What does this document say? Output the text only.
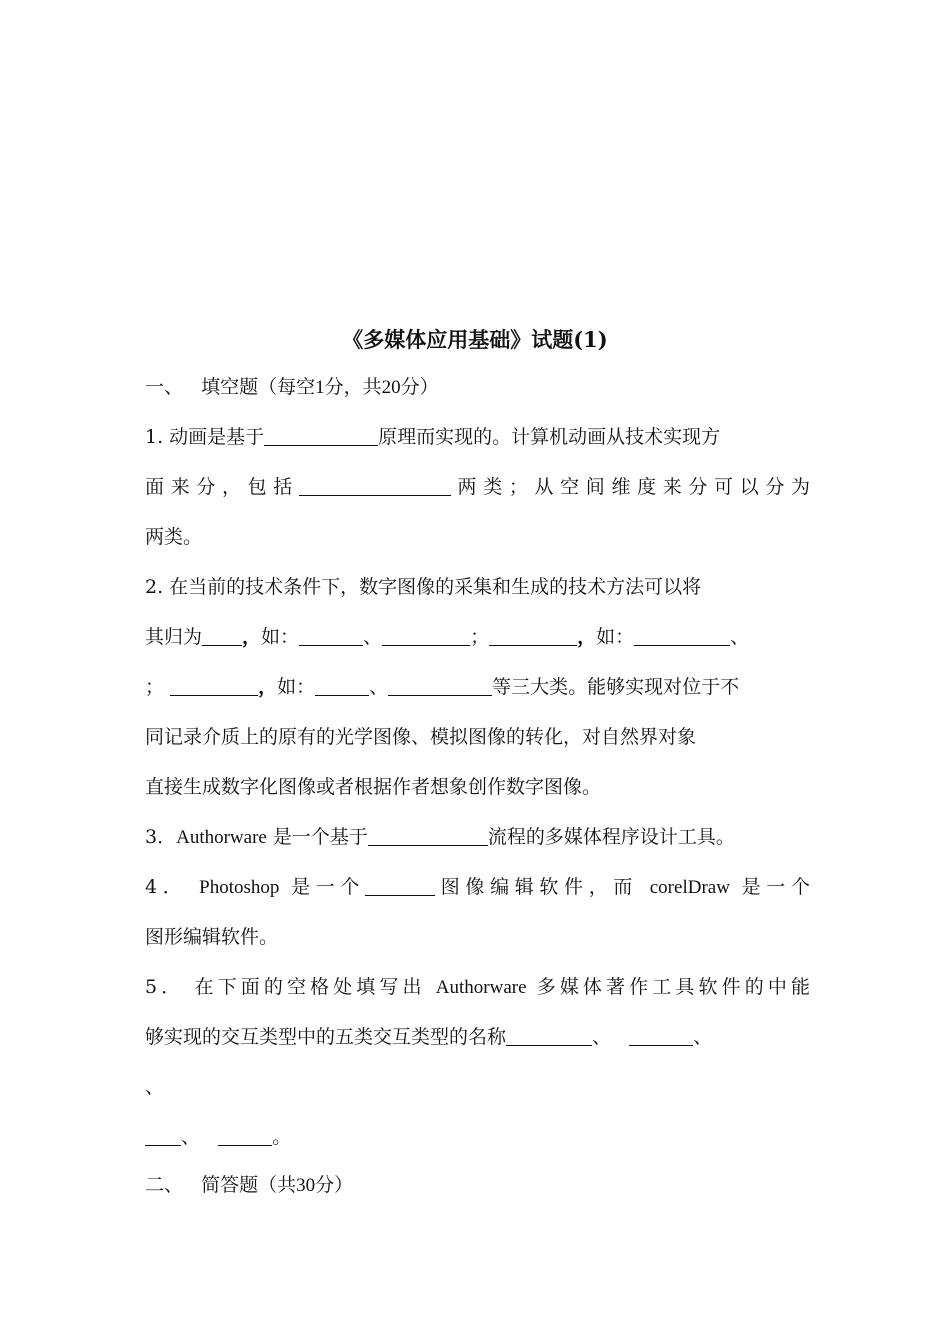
《多媒体应用基础》试题(1)
一、 填空题（每空1分，共20分）
1. 动画是基于	原理而实现的。计算机动画从技术实现方
面来分，包括	两类；从空间维度来分可以分为
两类。
2. 在当前的技术条件下，数字图像的采集和生成的技术方法可以将
其归为 ，如：	、	；	，如：	、
；	，如：	、	等三大类。能够实现对位于不
同记录介质上的原有的光学图像、模拟图像的转化，对自然界对象
直接生成数字化图像或者根据作者想象创作数字图像。
3．Authorware 是一个基于	流程的多媒体程序设计工具。
4． Photoshop 是一个	图像编辑软件，而 corelDraw 是一个
图形编辑软件。
5． 在下面的空格处填写出 Authorware 多媒体著作工具软件的中能
够实现的交互类型中的五类交互类型的名称	、	、
、
、	。
二、 简答题（共30分）
